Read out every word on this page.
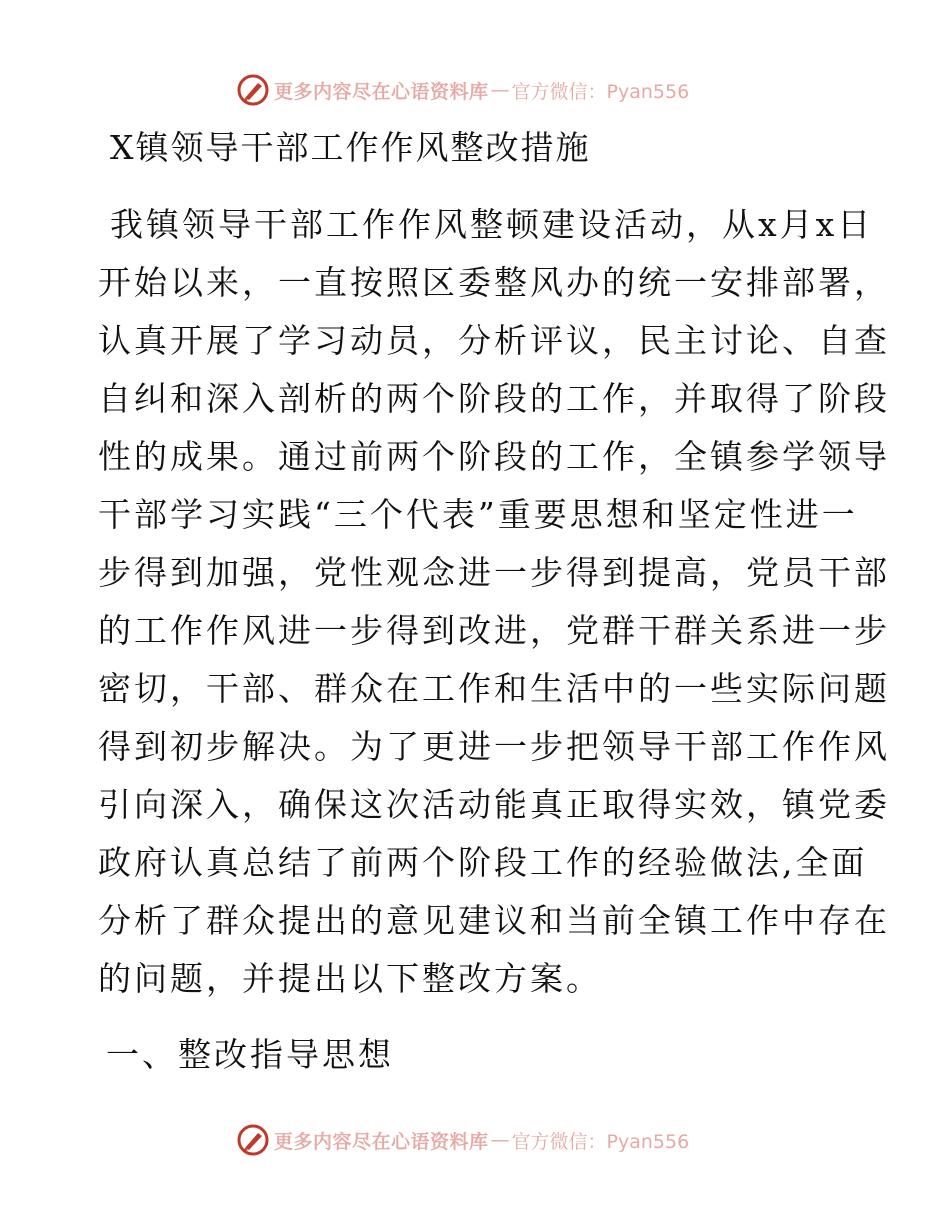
更多内容尽在心语资料库 — 官方微信：Pyan556
X镇领导干部工作作风整改措施
我镇领导干部工作作风整顿建设活动，从x月x日
开始以来，一直按照区委整风办的统一安排部署，
认真开展了学习动员，分析评议，民主讨论、自查
自纠和深入剖析的两个阶段的工作，并取得了阶段
性的成果。通过前两个阶段的工作，全镇参学领导
干部学习实践“三个代表”重要思想和坚定性进一
步得到加强，党性观念进一步得到提高，党员干部
的工作作风进一步得到改进，党群干群关系进一步
密切，干部、群众在工作和生活中的一些实际问题
得到初步解决。为了更进一步把领导干部工作作风
引向深入，确保这次活动能真正取得实效，镇党委
政府认真总结了前两个阶段工作的经验做法,全面
分析了群众提出的意见建议和当前全镇工作中存在
的问题，并提出以下整改方案。
一、整改指导思想
更多内容尽在心语资料库 — 官方微信：Pyan556
